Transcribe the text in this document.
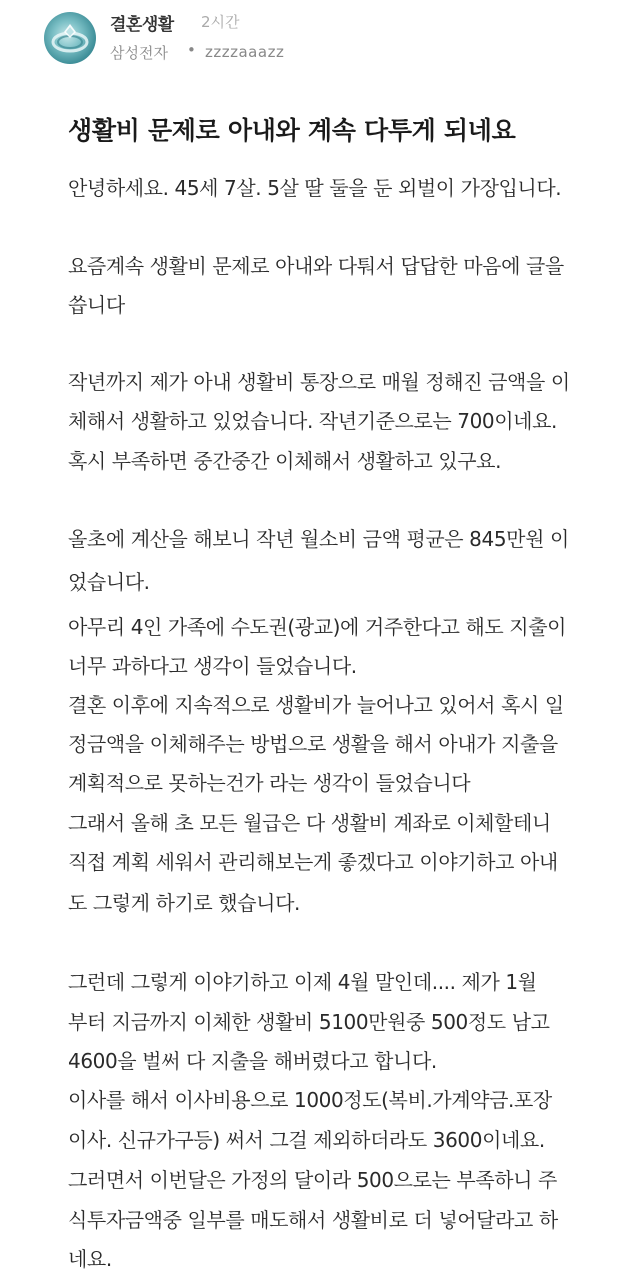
결혼생활 2시간
삼성전자 • zzzzaaazz
생활비 문제로 아내와 계속 다투게 되네요
안녕하세요. 45세 7살. 5살 딸 둘을 둔 외벌이 가장입니다.
요즘계속 생활비 문제로 아내와 다퉈서 답답한 마음에 글을
씁니다
작년까지 제가 아내 생활비 통장으로 매월 정해진 금액을 이
체해서 생활하고 있었습니다. 작년기준으로는 700이네요.
혹시 부족하면 중간중간 이체해서 생활하고 있구요.
올초에 계산을 해보니 작년 월소비 금액 평균은 845만원 이
었습니다.
아무리 4인 가족에 수도권(광교)에 거주한다고 해도 지출이
너무 과하다고 생각이 들었습니다.
결혼 이후에 지속적으로 생활비가 늘어나고 있어서 혹시 일
정금액을 이체해주는 방법으로 생활을 해서 아내가 지출을
계획적으로 못하는건가 라는 생각이 들었습니다
그래서 올해 초 모든 월급은 다 생활비 계좌로 이체할테니
직접 계획 세워서 관리해보는게 좋겠다고 이야기하고 아내
도 그렇게 하기로 했습니다.
그런데 그렇게 이야기하고 이제 4월 말인데.... 제가 1월
부터 지금까지 이체한 생활비 5100만원중 500정도 남고
4600을 벌써 다 지출을 해버렸다고 합니다.
이사를 해서 이사비용으로 1000정도(복비.가계약금.포장
이사. 신규가구등) 써서 그걸 제외하더라도 3600이네요.
그러면서 이번달은 가정의 달이라 500으로는 부족하니 주
식투자금액중 일부를 매도해서 생활비로 더 넣어달라고 하
네요.
